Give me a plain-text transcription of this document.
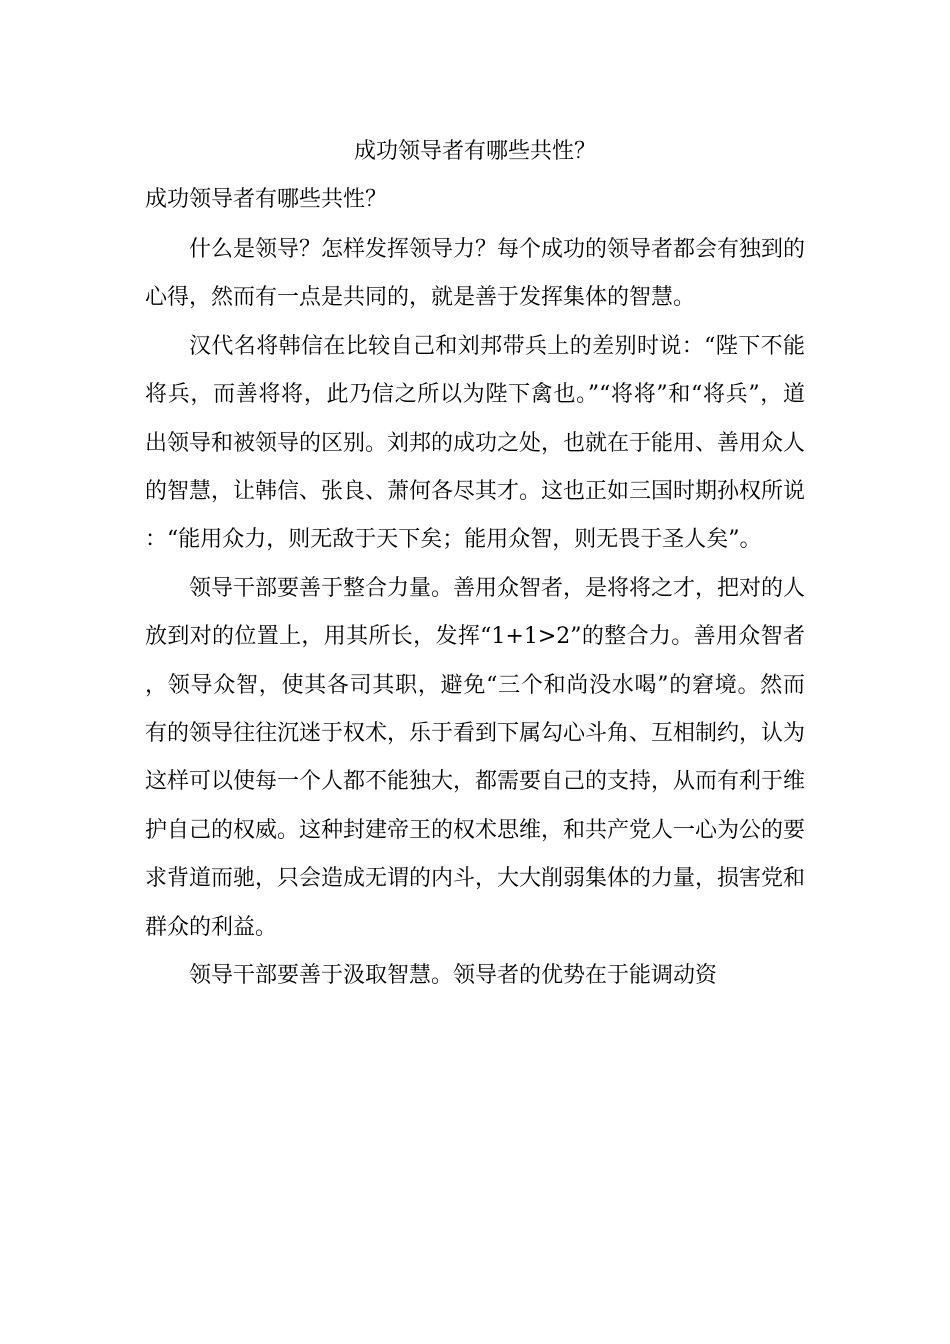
成功领导者有哪些共性？
成功领导者有哪些共性？

什么是领导？怎样发挥领导力？每个成功的领导者都会有独到的心得，然而有一点是共同的，就是善于发挥集体的智慧。

汉代名将韩信在比较自己和刘邦带兵上的差别时说：“陛下不能将兵，而善将将，此乃信之所以为陛下禽也。”“将将”和“将兵”，道出领导和被领导的区别。刘邦的成功之处，也就在于能用、善用众人的智慧，让韩信、张良、萧何各尽其才。这也正如三国时期孙权所说：“能用众力，则无敌于天下矣；能用众智，则无畏于圣人矣”。

领导干部要善于整合力量。善用众智者，是将将之才，把对的人放到对的位置上，用其所长，发挥“1+1>2”的整合力。善用众智者，领导众智，使其各司其职，避免“三个和尚没水喝”的窘境。然而有的领导往往沉迷于权术，乐于看到下属勾心斗角、互相制约，认为这样可以使每一个人都不能独大，都需要自己的支持，从而有利于维护自己的权威。这种封建帝王的权术思维，和共产党人一心为公的要求背道而驰，只会造成无谓的内斗，大大削弱集体的力量，损害党和群众的利益。

领导干部要善于汲取智慧。领导者的优势在于能调动资
